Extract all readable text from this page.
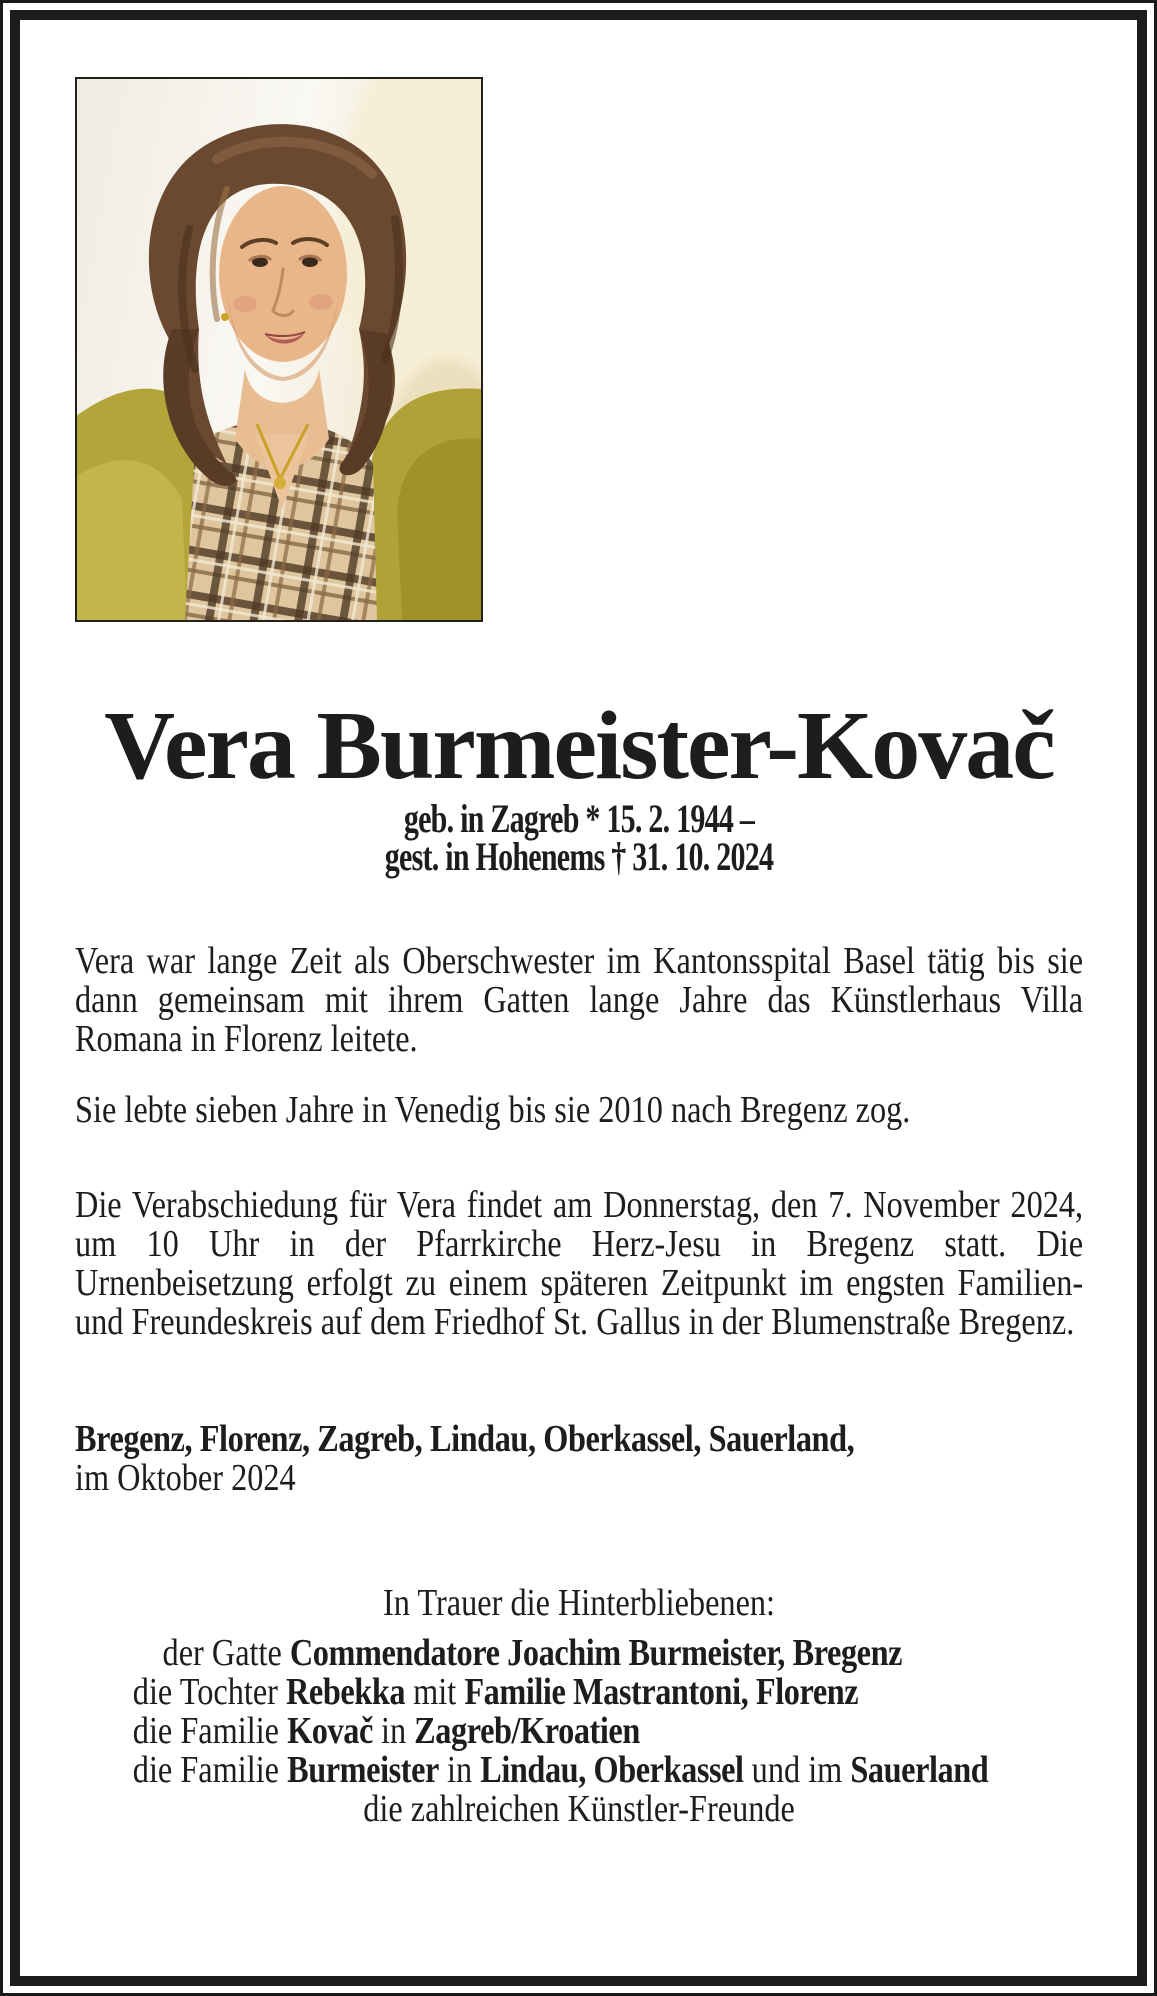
Vera Burmeister-Kovač
geb. in Zagreb * 15. 2. 1944 –
gest. in Hohenems † 31. 10. 2024

Vera war lange Zeit als Oberschwester im Kantonsspital Basel tätig bis sie dann gemeinsam mit ihrem Gatten lange Jahre das Künstlerhaus Villa Romana in Florenz leitete.

Sie lebte sieben Jahre in Venedig bis sie 2010 nach Bregenz zog.

Die Verabschiedung für Vera findet am Donnerstag, den 7. November 2024, um 10 Uhr in der Pfarrkirche Herz-Jesu in Bregenz statt. Die Urnenbeisetzung erfolgt zu einem späteren Zeitpunkt im engsten Familien- und Freundeskreis auf dem Friedhof St. Gallus in der Blumenstraße Bregenz.

Bregenz, Florenz, Zagreb, Lindau, Oberkassel, Sauerland,
im Oktober 2024
In Trauer die Hinterbliebenen:
der Gatte Commendatore Joachim Burmeister, Bregenz
die Tochter Rebekka mit Familie Mastrantoni, Florenz
die Familie Kovač in Zagreb/Kroatien
die Familie Burmeister in Lindau, Oberkassel und im Sauerland
die zahlreichen Künstler-Freunde
